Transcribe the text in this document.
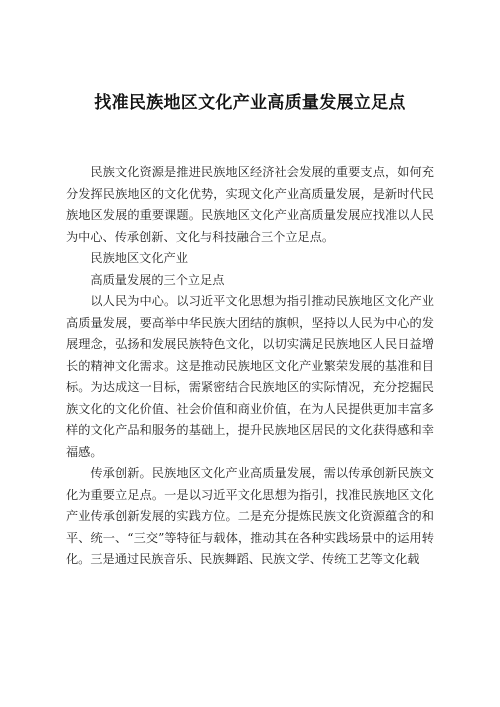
找准民族地区文化产业高质量发展立足点

民族文化资源是推进民族地区经济社会发展的重要支点，如何充分发挥民族地区的文化优势，实现文化产业高质量发展，是新时代民族地区发展的重要课题。民族地区文化产业高质量发展应找准以人民为中心、传承创新、文化与科技融合三个立足点。

民族地区文化产业

高质量发展的三个立足点

以人民为中心。以习近平文化思想为指引推动民族地区文化产业高质量发展，要高举中华民族大团结的旗帜，坚持以人民为中心的发展理念，弘扬和发展民族特色文化，以切实满足民族地区人民日益增长的精神文化需求。这是推动民族地区文化产业繁荣发展的基准和目标。为达成这一目标，需紧密结合民族地区的实际情况，充分挖掘民族文化的文化价值、社会价值和商业价值，在为人民提供更加丰富多样的文化产品和服务的基础上，提升民族地区居民的文化获得感和幸福感。

传承创新。民族地区文化产业高质量发展，需以传承创新民族文化为重要立足点。一是以习近平文化思想为指引，找准民族地区文化产业传承创新发展的实践方位。二是充分提炼民族文化资源蕴含的和平、统一、“三交”等特征与载体，推动其在各种实践场景中的运用转化。三是通过民族音乐、民族舞蹈、民族文学、传统工艺等文化载
